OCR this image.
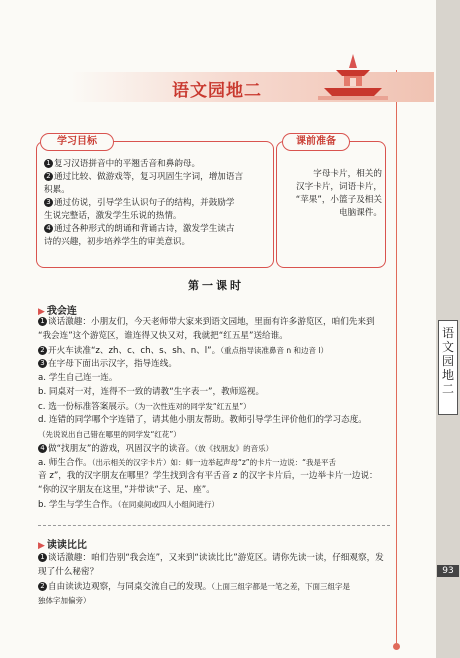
语文园地二
93
语文园地二
学习目标
1 复习汉语拼音中的平翘舌音和鼻韵母。
2 通过比较、做游戏等，复习巩固生字词，增加语言
积累。
3 通过仿说，引导学生认识句子的结构，并鼓励学
生说完整话，激发学生乐说的热情。
4 通过各种形式的朗诵和背诵古诗，激发学生读古
诗的兴趣，初步培养学生的审美意识。
课前准备
字母卡片，相关的
汉字卡片，词语卡片，
“苹果”，小篮子及相关
电脑课件。
第一课时
▶ 我会连
1 谈话激趣：小朋友们，今天老师带大家来到语文园地，里面有许多游览区，咱们先来到
“我会连”这个游览区，谁连得又快又对，我就把“红五星”送给谁。
2 开火车读准“z、zh、c、ch、s、sh、n、l”。（重点指导读准鼻音 n 和边音 l）
3 在字母下面出示汉字，指导连线。
a. 学生自己连一连。
b. 同桌对一对，连得不一致的请教“生字表一”，教师巡视。
c. 选一份标准答案展示。（为一次性连对的同学发“红五星”）
d. 连错的同学哪个字连错了，请其他小朋友帮助。教师引导学生评价他们的学习态度。
（先说说出自己错在哪里的同学发“红花”）
4 做“找朋友”的游戏，巩固汉字的读音。（放《找朋友》的音乐）
a. 师生合作。（出示相关的汉字卡片）如：师一边举起声母“z”的卡片一边说：“我是平舌
音 z”，我的汉字朋友在哪里？学生找到含有平舌音 z 的汉字卡片后，一边举卡片一边说：
“你的汉字朋友在这里，”并带读“子、足、座”。
b. 学生与学生合作。（在同桌间或四人小组间进行）
▶ 读读比比
1 谈话激趣：咱们告别“我会连”，又来到“读读比比”游览区。请你先读一读，仔细观察，发
现了什么秘密？
2 自由读读边观察，与同桌交流自己的发现。（上面三组字都是一笔之差，下面三组字是
独体字加偏旁）
